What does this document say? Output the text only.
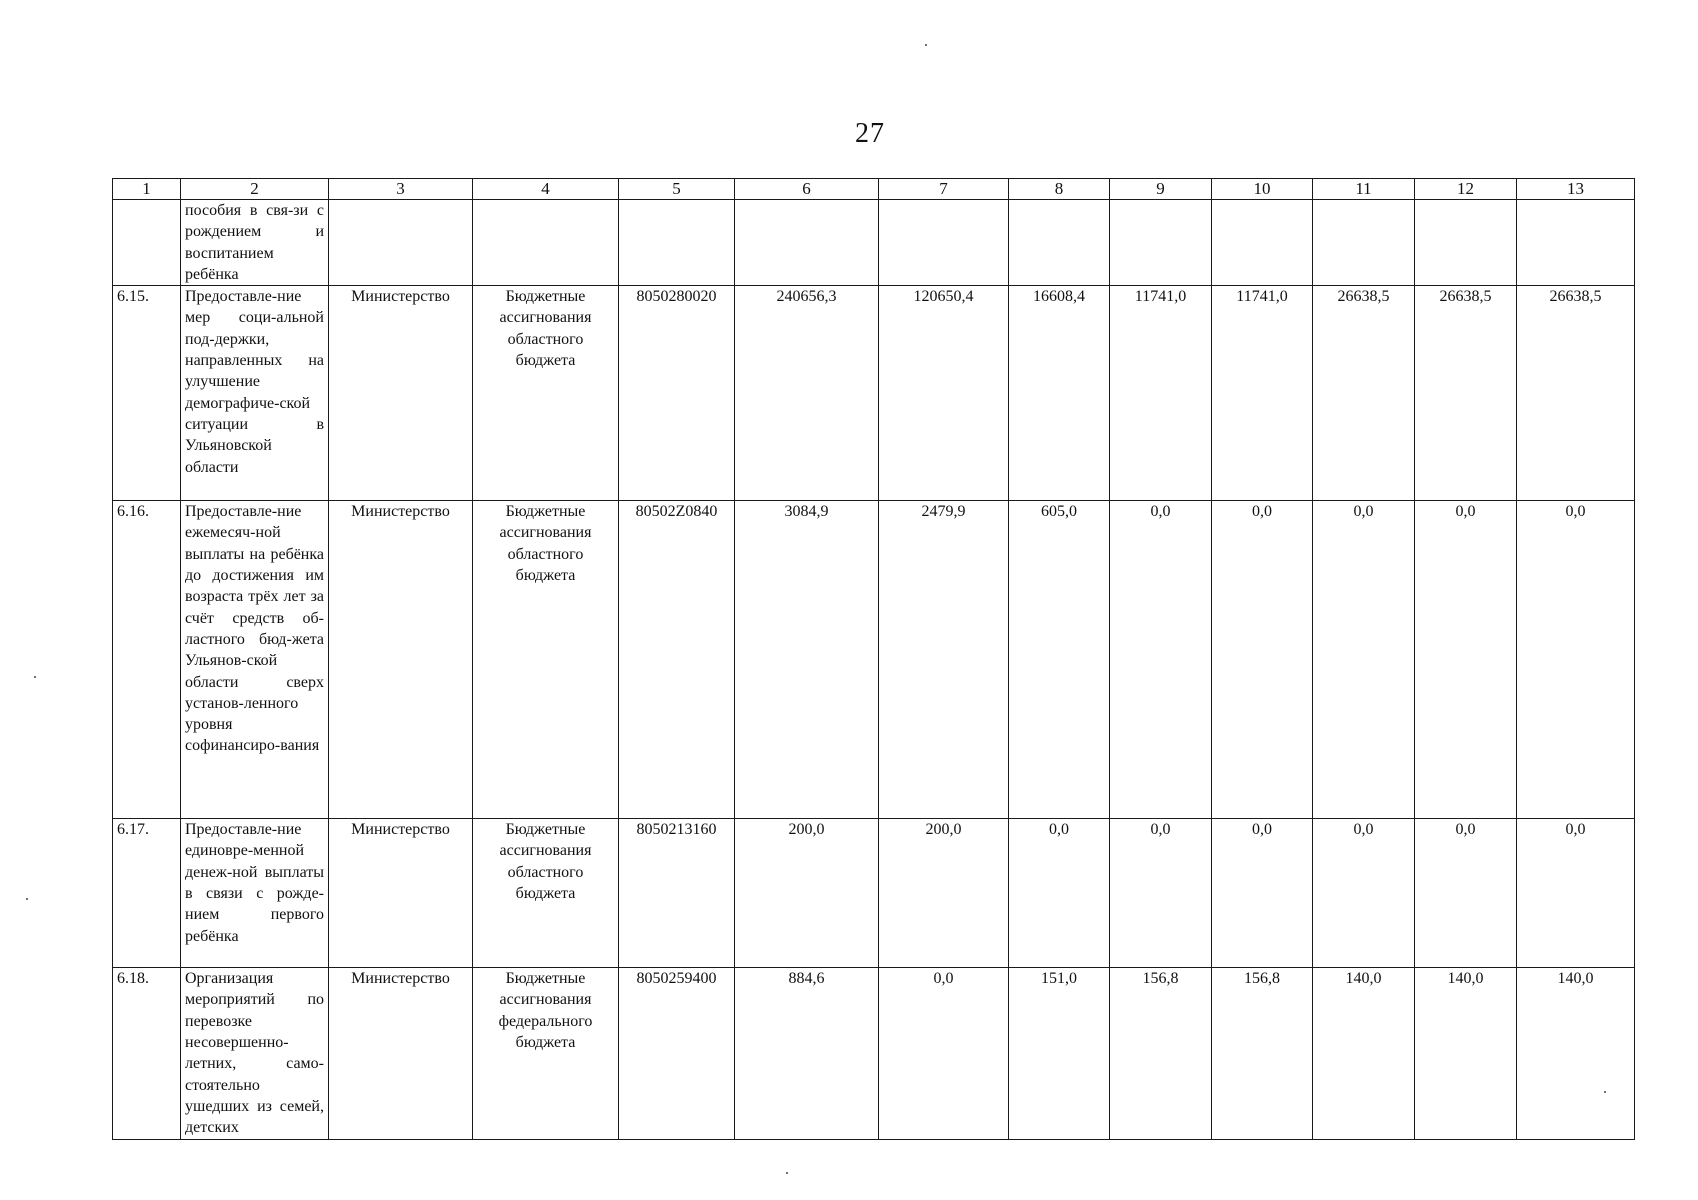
27
1	2	3	4	5	6	7	8	9	10	11	12	13
	пособия в свя-зи с рождением и воспитанием ребёнка											
6.15.	Предоставле-ние мер соци-альной под-держки, направленных на улучшение демографиче-ской ситуации в Ульяновской области	Министерство	Бюджетные ассигнования областного бюджета	8050280020	240656,3	120650,4	16608,4	11741,0	11741,0	26638,5	26638,5	26638,5
6.16.	Предоставле-ние ежемесяч-ной выплаты на ребёнка до достижения им возраста трёх лет за счёт средств об-ластного бюд-жета Ульянов-ской области сверх установ-ленного уровня софинансиро-вания	Министерство	Бюджетные ассигнования областного бюджета	80502Z0840	3084,9	2479,9	605,0	0,0	0,0	0,0	0,0	0,0
6.17.	Предоставле-ние единовре-менной денеж-ной выплаты в связи с рожде-нием первого ребёнка	Министерство	Бюджетные ассигнования областного бюджета	8050213160	200,0	200,0	0,0	0,0	0,0	0,0	0,0	0,0
6.18.	Организация мероприятий по перевозке несовершенно-летних, само-стоятельно ушедших из семей, детских	Министерство	Бюджетные ассигнования федерального бюджета	8050259400	884,6	0,0	151,0	156,8	156,8	140,0	140,0	140,0
